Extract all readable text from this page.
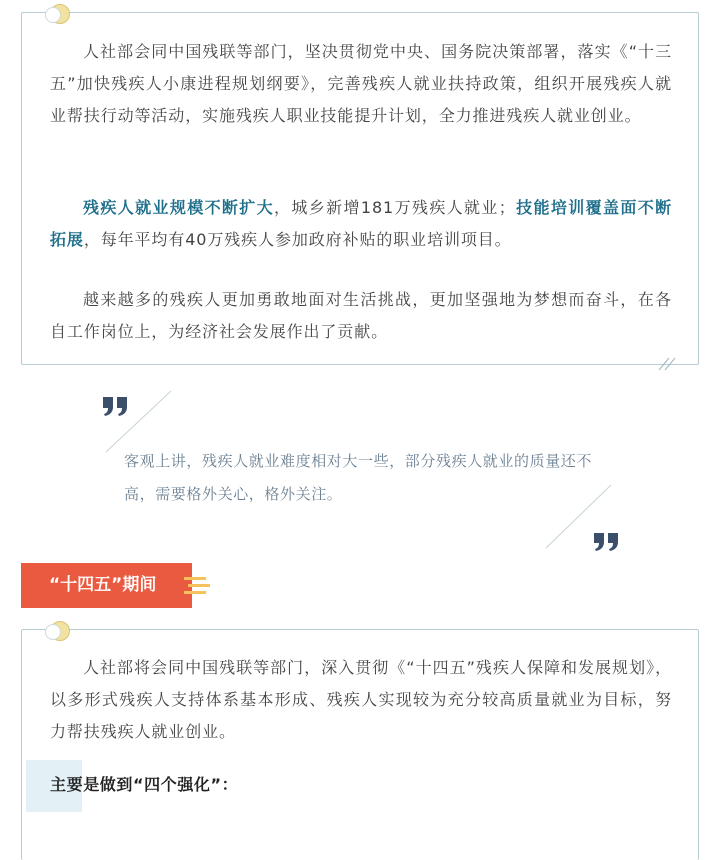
人社部会同中国残联等部门，坚决贯彻党中央、国务院决策部署，落实《“十三五”加快残疾人小康进程规划纲要》，完善残疾人就业扶持政策，组织开展残疾人就业帮扶行动等活动，实施残疾人职业技能提升计划，全力推进残疾人就业创业。

残疾人就业规模不断扩大，城乡新增181万残疾人就业；技能培训覆盖面不断拓展，每年平均有40万残疾人参加政府补贴的职业培训项目。

越来越多的残疾人更加勇敢地面对生活挑战，更加坚强地为梦想而奋斗，在各自工作岗位上，为经济社会发展作出了贡献。

客观上讲，残疾人就业难度相对大一些，部分残疾人就业的质量还不高，需要格外关心，格外关注。

“十四五”期间

人社部将会同中国残联等部门，深入贯彻《“十四五”残疾人保障和发展规划》，以多形式残疾人支持体系基本形成、残疾人实现较为充分较高质量就业为目标，努力帮扶残疾人就业创业。

主要是做到“四个强化”：
